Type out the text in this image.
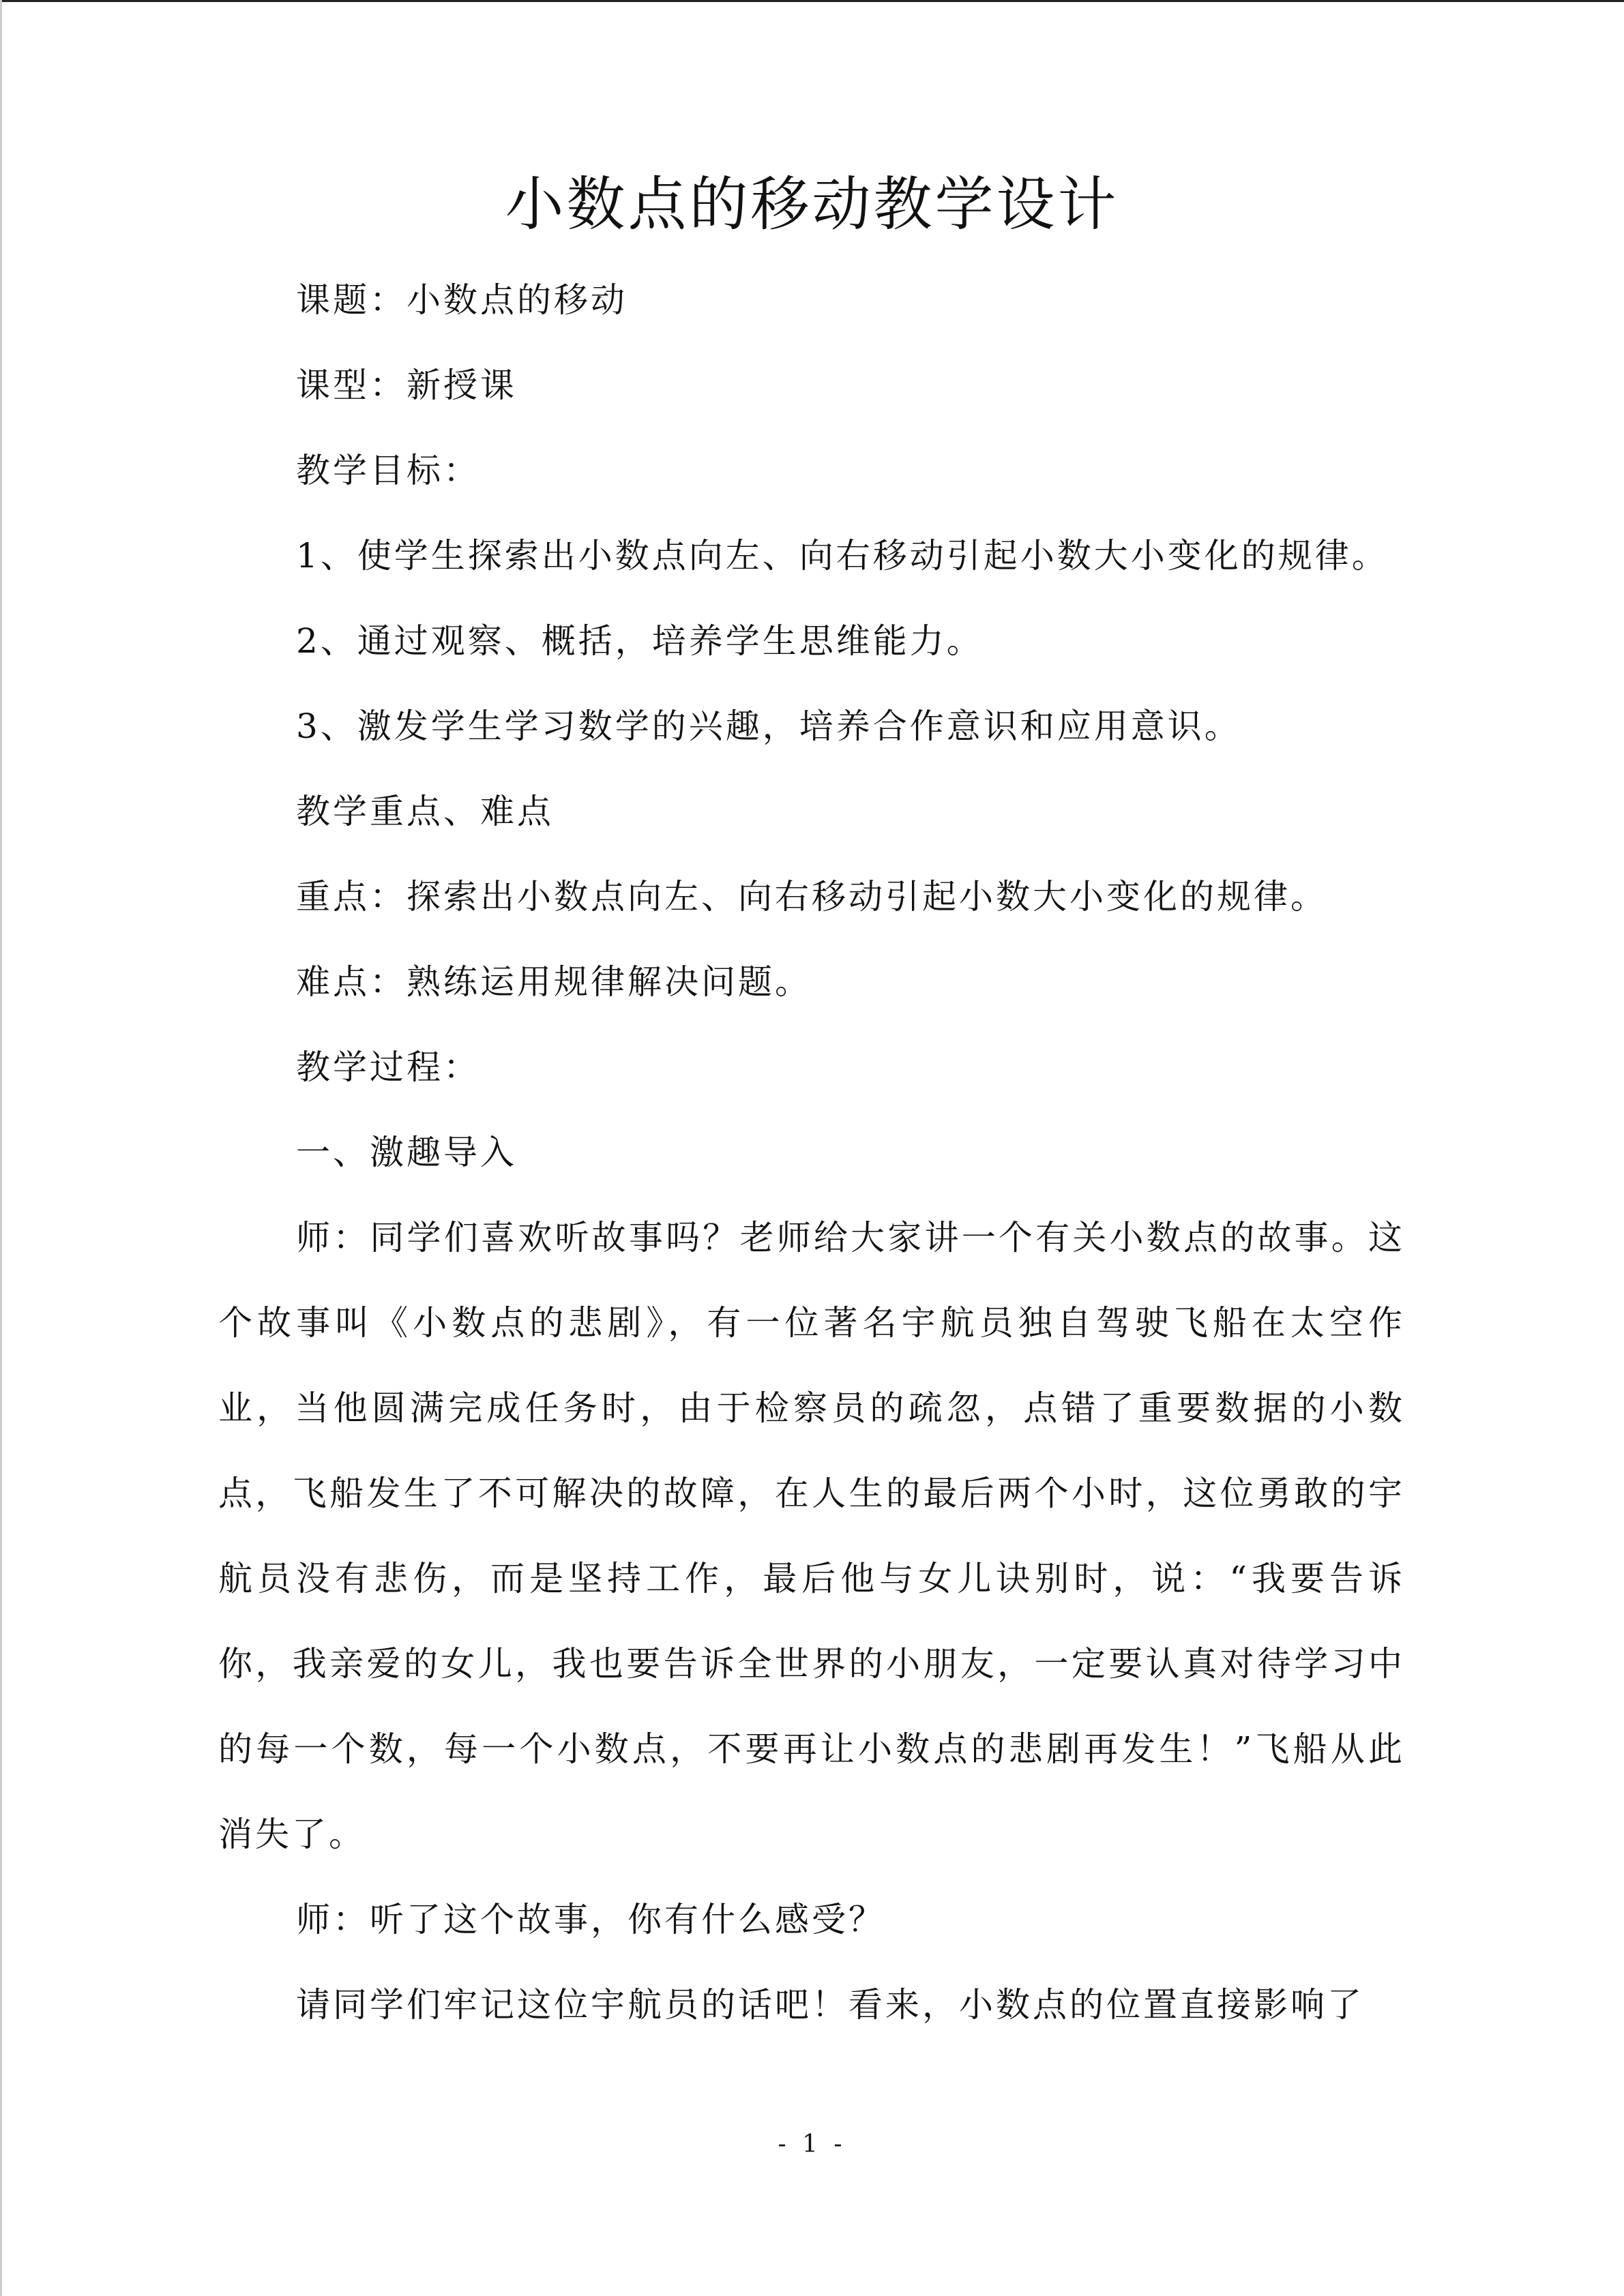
小数点的移动教学设计

课题：小数点的移动

课型：新授课

教学目标：

1、使学生探索出小数点向左、向右移动引起小数大小变化的规律。

2、通过观察、概括，培养学生思维能力。

3、激发学生学习数学的兴趣，培养合作意识和应用意识。

教学重点、难点

重点：探索出小数点向左、向右移动引起小数大小变化的规律。

难点：熟练运用规律解决问题。

教学过程：

一、激趣导入

师：同学们喜欢听故事吗？老师给大家讲一个有关小数点的故事。这个故事叫《小数点的悲剧》，有一位著名宇航员独自驾驶飞船在太空作业，当他圆满完成任务时，由于检察员的疏忽，点错了重要数据的小数点，飞船发生了不可解决的故障，在人生的最后两个小时，这位勇敢的宇航员没有悲伤，而是坚持工作，最后他与女儿诀别时，说：“我要告诉你，我亲爱的女儿，我也要告诉全世界的小朋友，一定要认真对待学习中的每一个数，每一个小数点，不要再让小数点的悲剧再发生！”飞船从此消失了。

师：听了这个故事，你有什么感受？

请同学们牢记这位宇航员的话吧！看来，小数点的位置直接影响了

- 1 -
